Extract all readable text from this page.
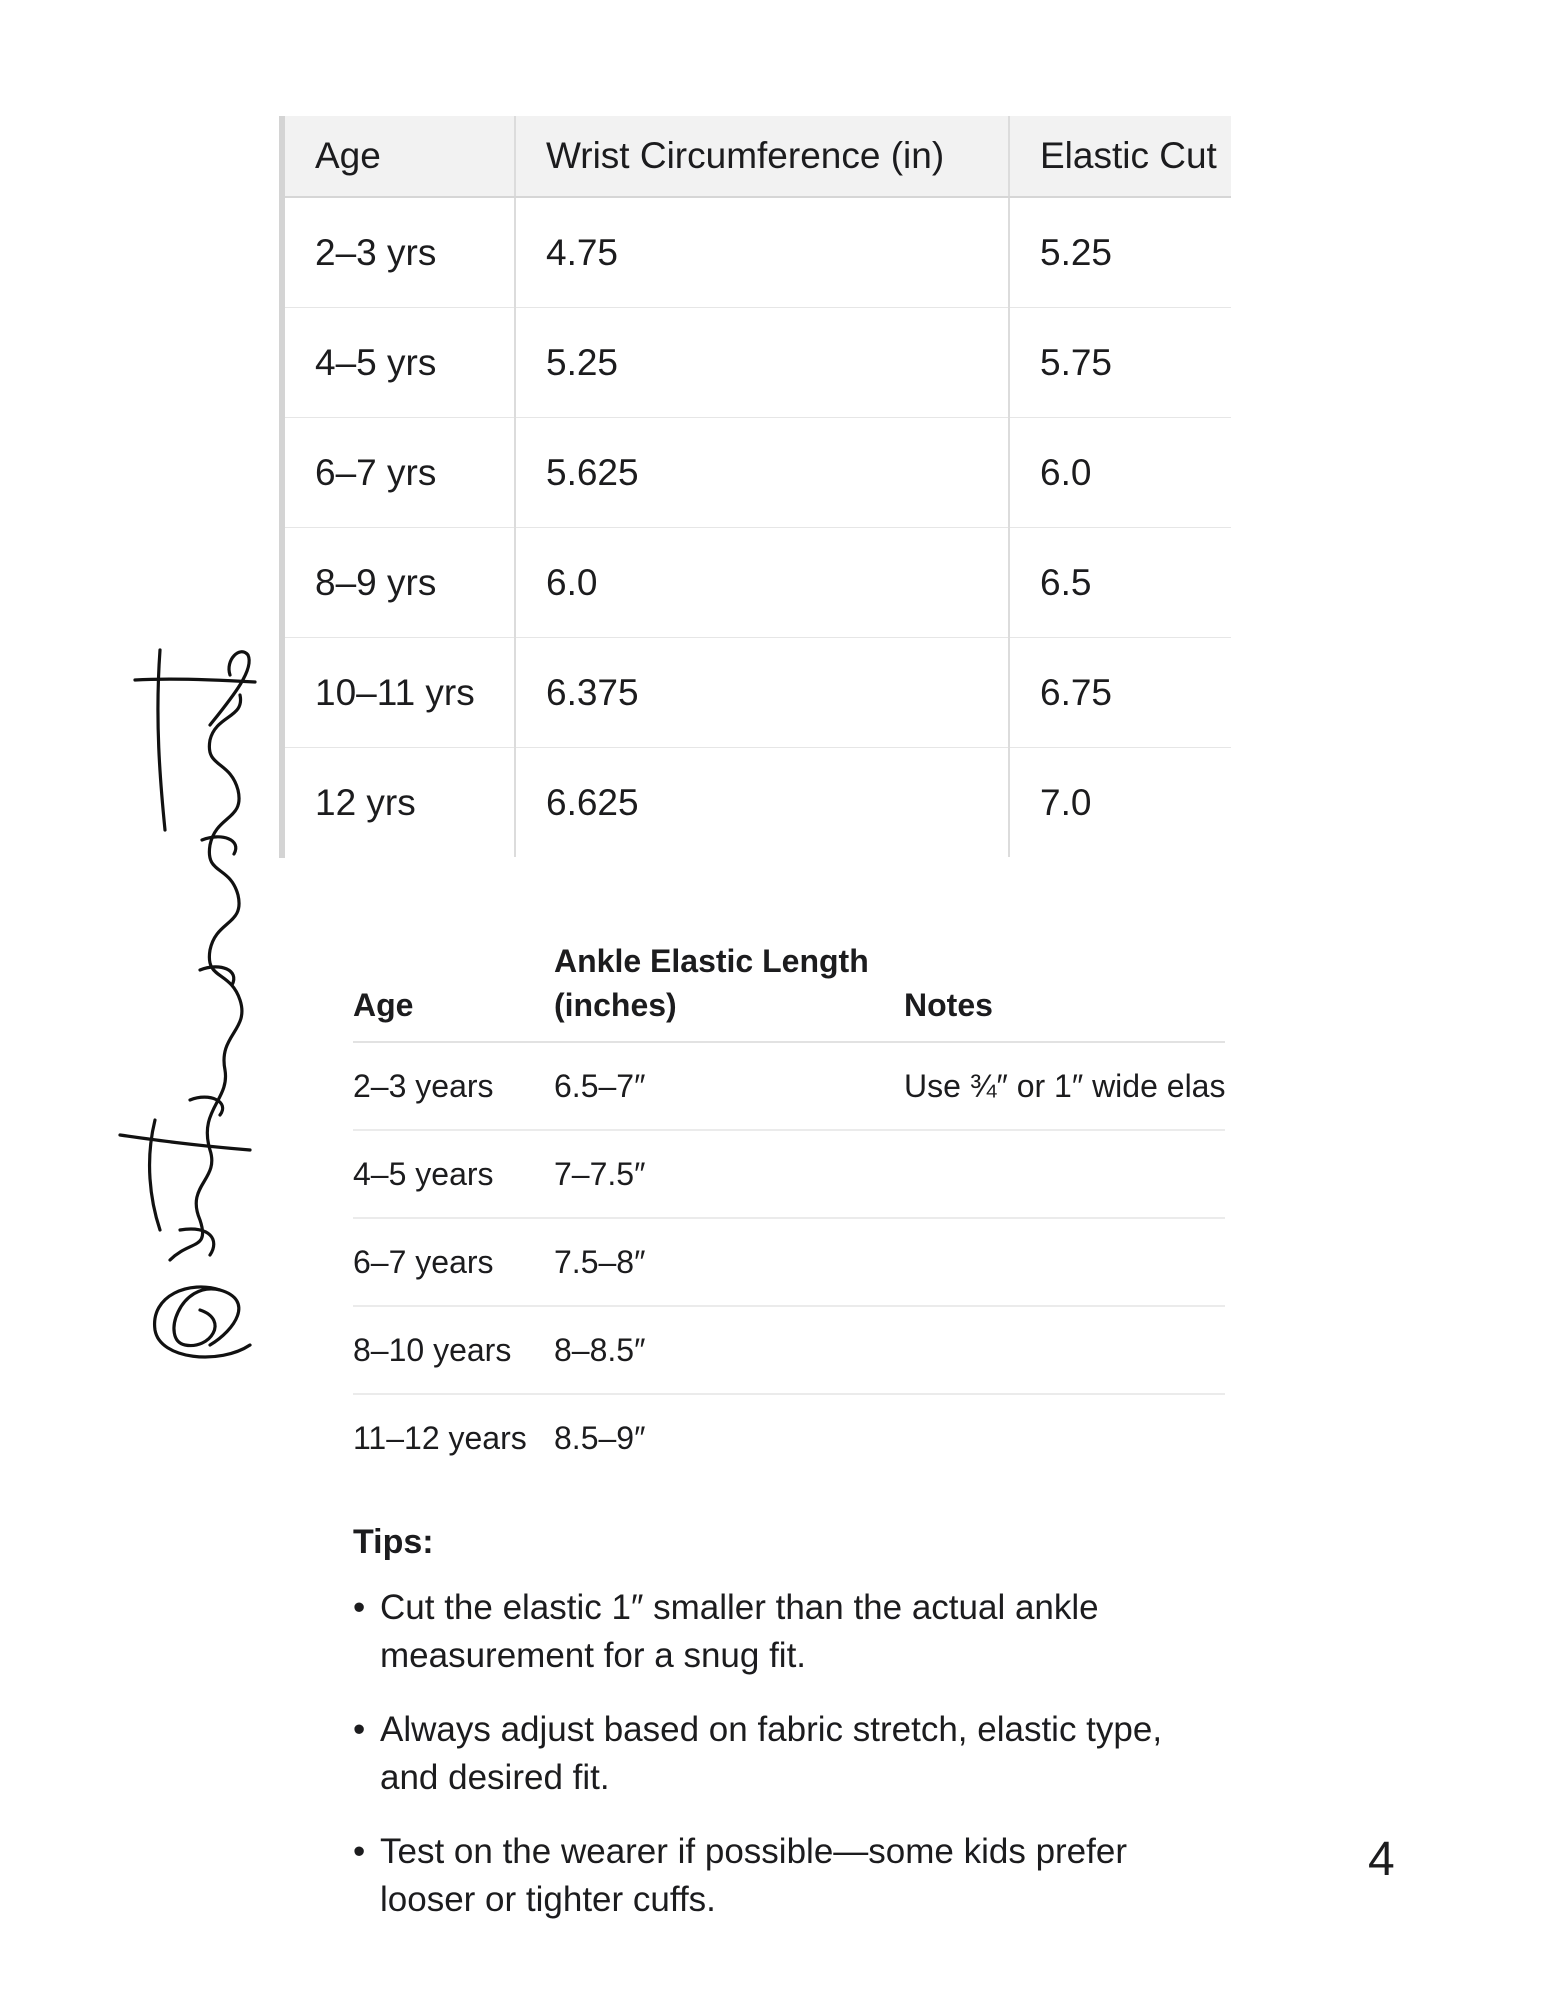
Age	Wrist Circumference (in)	Elastic Cut
2–3 yrs	4.75	5.25
4–5 yrs	5.25	5.75
6–7 yrs	5.625	6.0
8–9 yrs	6.0	6.5
10–11 yrs	6.375	6.75
12 yrs	6.625	7.0
Age	Ankle Elastic Length (inches)	Notes
2–3 years	6.5–7″	Use ¾″ or 1″ wide elas
4–5 years	7–7.5″	
6–7 years	7.5–8″	
8–10 years	8–8.5″	
11–12 years	8.5–9″	
Tips:
• Cut the elastic 1″ smaller than the actual ankle measurement for a snug fit.
• Always adjust based on fabric stretch, elastic type, and desired fit.
• Test on the wearer if possible—some kids prefer looser or tighter cuffs.
4
